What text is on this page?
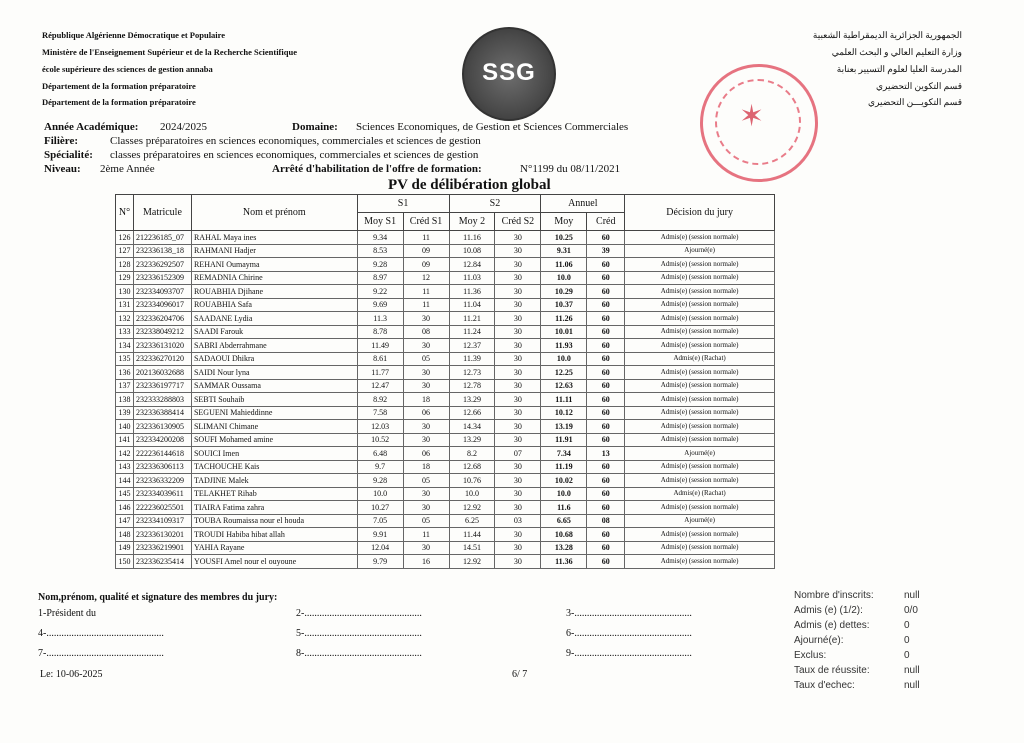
République Algérienne Démocratique et Populaire
Ministère de l'Enseignement Supérieur et de la Recherche Scientifique
école supérieure des sciences de gestion annaba
Département de la formation préparatoire
Département de la formation préparatoire
الجمهورية الجزائرية الديمقراطية الشعبية
وزارة التعليم العالي و البحث العلمي
المدرسة العليا لعلوم التسيير بعنابة
قسم التكوين التحضيري
قسم التكويـــن التحضيري
SSG
✶
Année Académique: 2024/2025	Domaine: Sciences Economiques, de Gestion et Sciences Commerciales
Filière:	Classes préparatoires en sciences economiques, commerciales et sciences de gestion
Spécialité: classes préparatoires en sciences economiques, commerciales et sciences de gestion
Niveau: 2ème Année	Arrêté d'habilitation de l'offre de formation:	N°1199 du 08/11/2021
PV de délibération global
N°	Matricule	Nom et prénom	S1		S2		Annuel		Décision du jury
			Moy S1	Créd S1	Moy 2	Créd S2	Moy	Créd	
126	212236185_07	RAHAL Maya ines	9.34	11	11.16	30	10.25	60	Admis(e) (session normale)
127	232336138_18	RAHMANI Hadjer	8.53	09	10.08	30	9.31	39	Ajourné(e)
128	232336292507	REHANI Oumayma	9.28	09	12.84	30	11.06	60	Admis(e) (session normale)
129	232336152309	REMADNIA Chirine	8.97	12	11.03	30	10.0	60	Admis(e) (session normale)
130	232334093707	ROUABHIA Djihane	9.22	11	11.36	30	10.29	60	Admis(e) (session normale)
131	232334096017	ROUABHIA Safa	9.69	11	11.04	30	10.37	60	Admis(e) (session normale)
132	232336204706	SAADANE Lydia	11.3	30	11.21	30	11.26	60	Admis(e) (session normale)
133	232338049212	SAADI Farouk	8.78	08	11.24	30	10.01	60	Admis(e) (session normale)
134	232336131020	SABRI Abderrahmane	11.49	30	12.37	30	11.93	60	Admis(e) (session normale)
135	232336270120	SADAOUI Dhikra	8.61	05	11.39	30	10.0	60	Admis(e) (Rachat)
136	202136032688	SAIDI Nour lyna	11.77	30	12.73	30	12.25	60	Admis(e) (session normale)
137	232336197717	SAMMAR Oussama	12.47	30	12.78	30	12.63	60	Admis(e) (session normale)
138	232333288803	SEBTI Souhaib	8.92	18	13.29	30	11.11	60	Admis(e) (session normale)
139	232336388414	SEGUENI Mahieddinne	7.58	06	12.66	30	10.12	60	Admis(e) (session normale)
140	232336130905	SLIMANI Chimane	12.03	30	14.34	30	13.19	60	Admis(e) (session normale)
141	232334200208	SOUFI Mohamed amine	10.52	30	13.29	30	11.91	60	Admis(e) (session normale)
142	222236144618	SOUICI Imen	6.48	06	8.2	07	7.34	13	Ajourné(e)
143	232336306113	TACHOUCHE Kais	9.7	18	12.68	30	11.19	60	Admis(e) (session normale)
144	232336332209	TADJINE Malek	9.28	05	10.76	30	10.02	60	Admis(e) (session normale)
145	232334039611	TELAKHET Rihab	10.0	30	10.0	30	10.0	60	Admis(e) (Rachat)
146	222236025501	TIAIRA Fatima zahra	10.27	30	12.92	30	11.6	60	Admis(e) (session normale)
147	232334109317	TOUBA Roumaissa nour el houda	7.05	05	6.25	03	6.65	08	Ajourné(e)
148	232336130201	TROUDI Habiba hibat allah	9.91	11	11.44	30	10.68	60	Admis(e) (session normale)
149	232336219901	YAHIA Rayane	12.04	30	14.51	30	13.28	60	Admis(e) (session normale)
150	232336235414	YOUSFI Amel nour el ouyoune	9.79	16	12.92	30	11.36	60	Admis(e) (session normale)
Nom,prénom, qualité et signature des membres du jury:
1-Président du	2-...............................................	3-...............................................
4-...............................................	5-...............................................	6-...............................................
7-...............................................	8-...............................................	9-...............................................
Le: 10-06-2025	6/ 7
Nombre d'inscrits:	null
Admis (e) (1/2):	0/0
Admis (e) dettes:	0
Ajourné(e):	0
Exclus:	0
Taux de réussite:	null
Taux d'echec:	null
